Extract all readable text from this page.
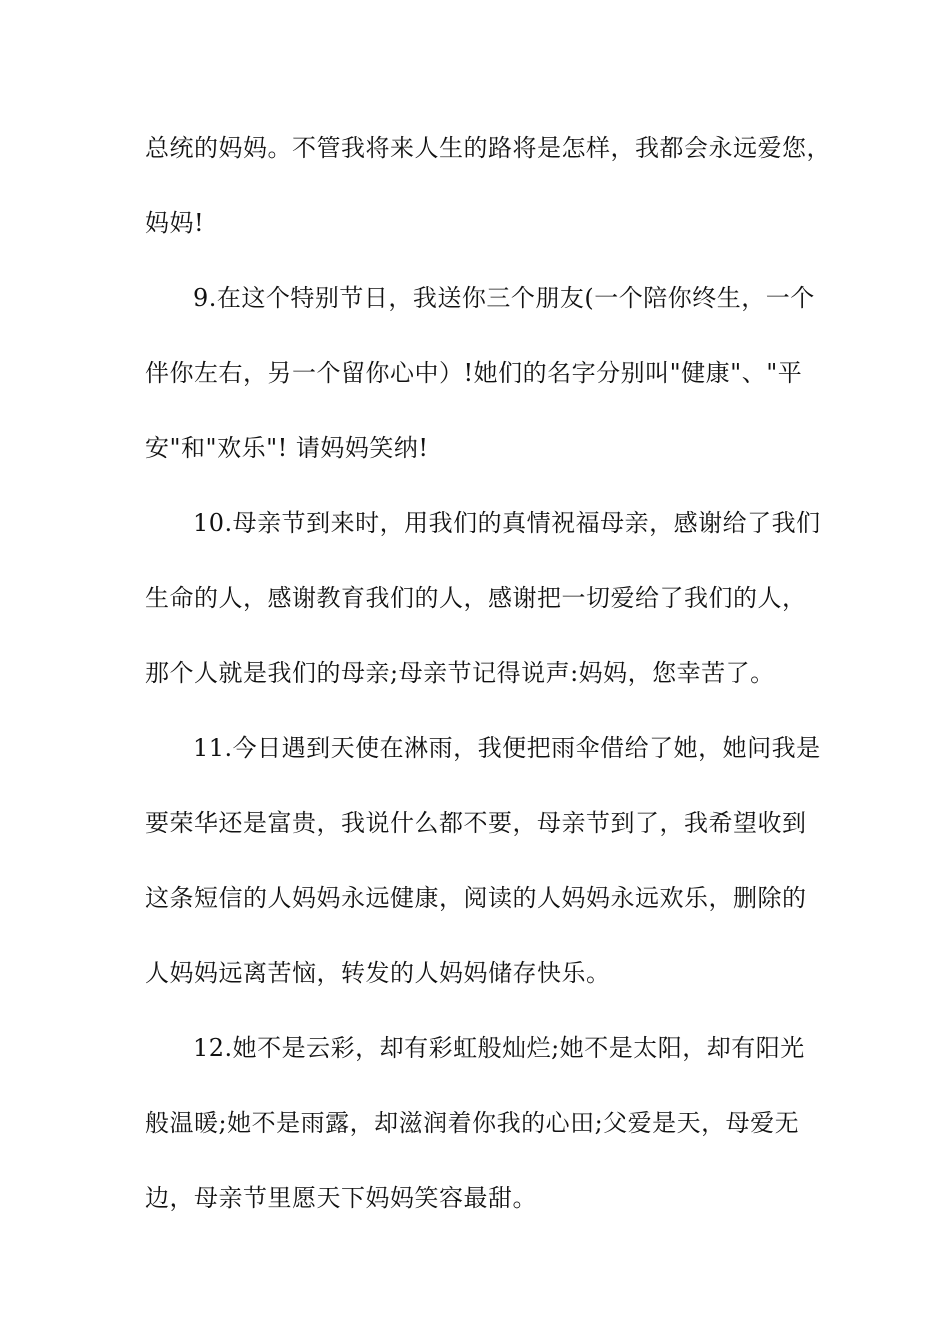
总统的妈妈。不管我将来人生的路将是怎样，我都会永远爱您，
妈妈!

9.在这个特别节日，我送你三个朋友(一个陪你终生，一个
伴你左右，另一个留你心中）!她们的名字分别叫"健康"、"平
安"和"欢乐"! 请妈妈笑纳!

10.母亲节到来时，用我们的真情祝福母亲，感谢给了我们
生命的人，感谢教育我们的人，感谢把一切爱给了我们的人，
那个人就是我们的母亲;母亲节记得说声:妈妈，您幸苦了。

11.今日遇到天使在淋雨，我便把雨伞借给了她，她问我是
要荣华还是富贵，我说什么都不要，母亲节到了，我希望收到
这条短信的人妈妈永远健康，阅读的人妈妈永远欢乐，删除的
人妈妈远离苦恼，转发的人妈妈储存快乐。

12.她不是云彩，却有彩虹般灿烂;她不是太阳，却有阳光
般温暖;她不是雨露，却滋润着你我的心田;父爱是天，母爱无
边，母亲节里愿天下妈妈笑容最甜。
